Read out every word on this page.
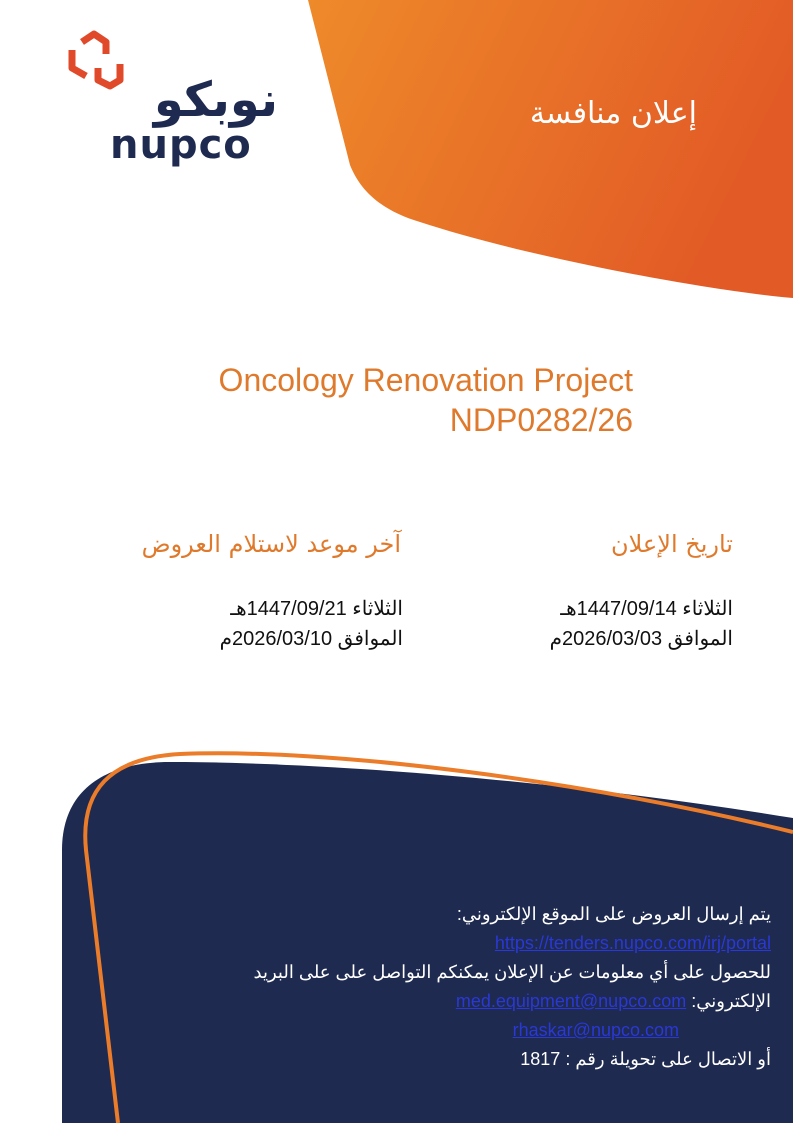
نوبكو
nupco
إعلان منافسة
Oncology Renovation Project
NDP0282/26
تاريخ الإعلان
الثلاثاء 1447/09/14هـ
الموافق 2026/03/03م
آخر موعد لاستلام العروض
الثلاثاء 1447/09/21هـ
الموافق 2026/03/10م
يتم إرسال العروض على الموقع الإلكتروني:
https://tenders.nupco.com/irj/portal
للحصول على أي معلومات عن الإعلان يمكنكم التواصل على على البريد
الإلكتروني: med.equipment@nupco.com
rhaskar@nupco.com
أو الاتصال على تحويلة رقم : 1817
